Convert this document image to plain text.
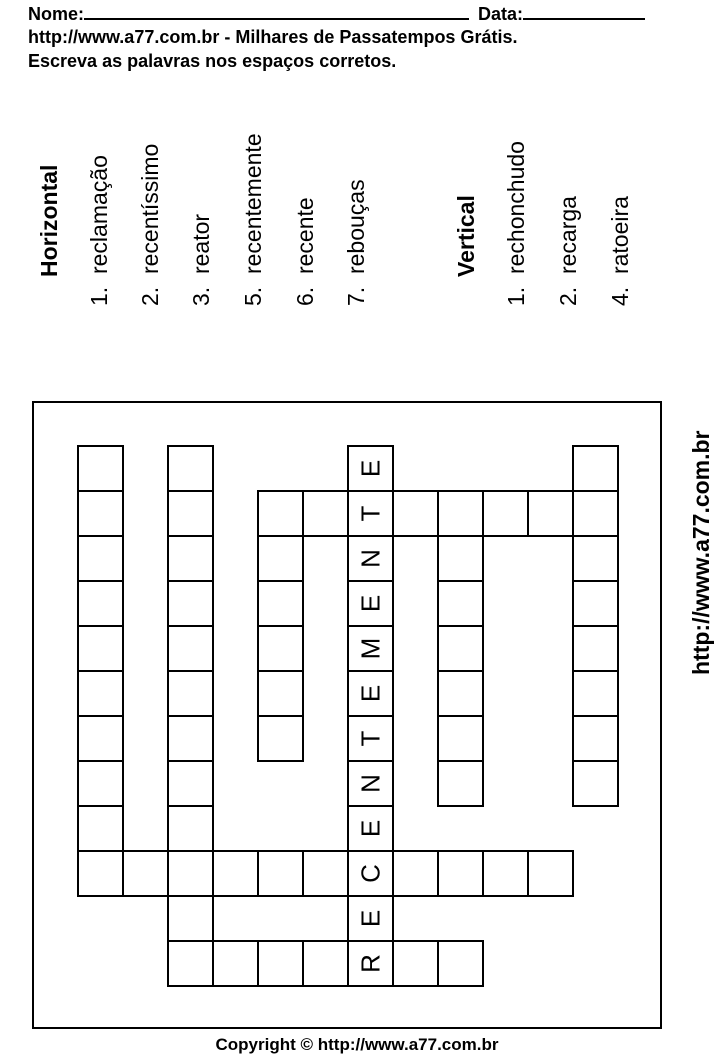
Nome:	Data:
http://www.a77.com.br - Milhares de Passatempos Grátis.
Escreva as palavras nos espaços corretos.
Horizontal
1.  reclamação
2.  recentíssimo
3.  reator
5.  recentemente
6.  recente
7.  rebouças	Vertical
1.  rechonchudo
2.  recarga
4.  ratoeira
http://www.a77.com.br
T
C
R
E
N
E
M
E
T
N
E
E
Copyright © http://www.a77.com.br
